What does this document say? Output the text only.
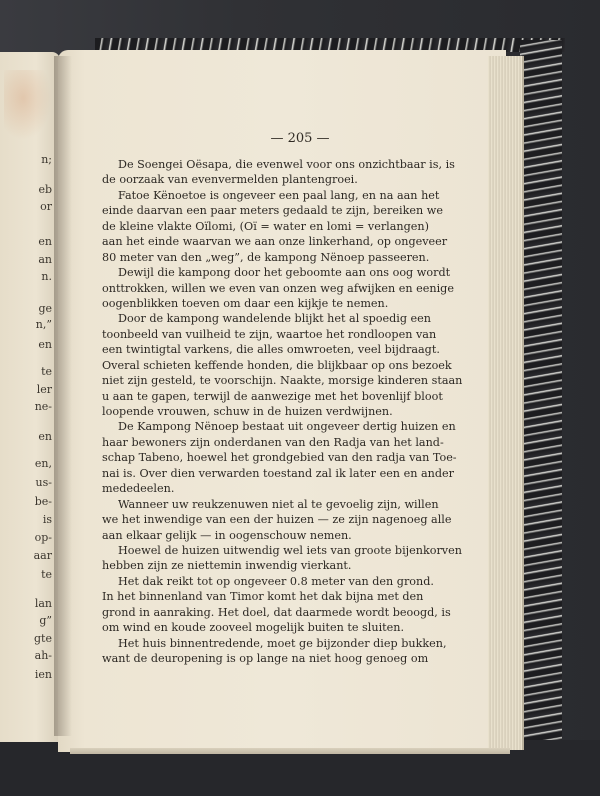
n;
eb
or
en
an
n.
ge
n,”
en
te
ler
ne-
en
en,
us-
be-
is
op-
aar
te
lan
g”
gte
ah-
ien
— 205 —
De Soengei Oësapa, die evenwel voor ons onzichtbaar is, is
de oorzaak van evenvermelden plantengroei.
Fatoe Kënoetoe is ongeveer een paal lang, en na aan het
einde daarvan een paar meters gedaald te zijn, bereiken we
de kleine vlakte Oïlomi, (Oï = water en lomi = verlangen)
aan het einde waarvan we aan onze linkerhand, op ongeveer
80 meter van den „weg”, de kampong Nënoep passeeren.
Dewijl die kampong door het geboomte aan ons oog wordt
onttrokken, willen we even van onzen weg afwijken en eenige
oogenblikken toeven om daar een kijkje te nemen.
Door de kampong wandelende blijkt het al spoedig een
toonbeeld van vuilheid te zijn, waartoe het rondloopen van
een twintigtal varkens, die alles omwroeten, veel bijdraagt.
Overal schieten keffende honden, die blijkbaar op ons bezoek
niet zijn gesteld, te voorschijn. Naakte, morsige kinderen staan
u aan te gapen, terwijl de aanwezige met het bovenlijf bloot
loopende vrouwen, schuw in de huizen verdwijnen.
De Kampong Nënoep bestaat uit ongeveer dertig huizen en
haar bewoners zijn onderdanen van den Radja van het land-
schap Tabeno, hoewel het grondgebied van den radja van Toe-
nai is. Over dien verwarden toestand zal ik later een en ander
mededeelen.
Wanneer uw reukzenuwen niet al te gevoelig zijn, willen
we het inwendige van een der huizen — ze zijn nagenoeg alle
aan elkaar gelijk — in oogenschouw nemen.
Hoewel de huizen uitwendig wel iets van groote bijenkorven
hebben zijn ze niettemin inwendig vierkant.
Het dak reikt tot op ongeveer 0.8 meter van den grond.
In het binnenland van Timor komt het dak bijna met den
grond in aanraking. Het doel, dat daarmede wordt beoogd, is
om wind en koude zooveel mogelijk buiten te sluiten.
Het huis binnentredende, moet ge bijzonder diep bukken,
want de deuropening is op lange na niet hoog genoeg om
